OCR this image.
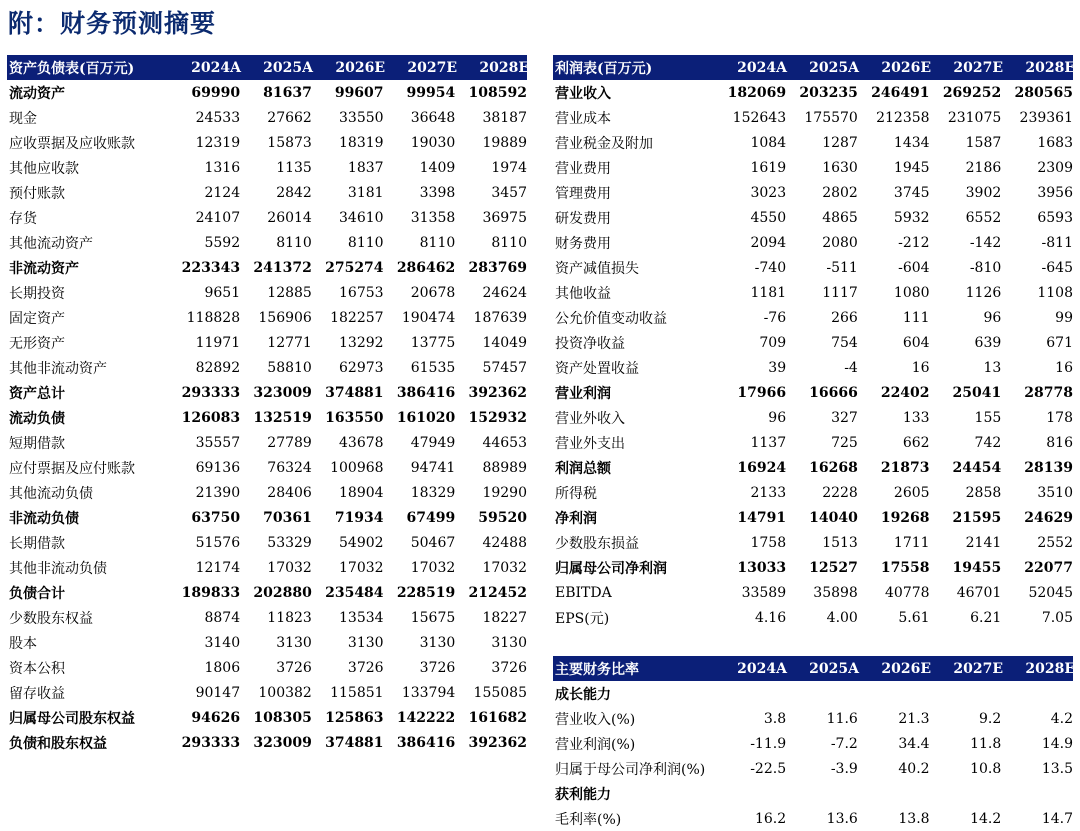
附：财务预测摘要
资产负债表(百万元)	2024A	2025A	2026E	2027E	2028E
流动资产	69990	81637	99607	99954 108592
现金	24533	27662	33550	36648	38187
应收票据及应收账款	12319	15873	18319	19030	19889
其他应收款	1316	1135	1837	1409	1974
预付账款	2124	2842	3181	3398	3457
存货	24107	26014	34610	31358	36975
其他流动资产	5592	8110	8110	8110	8110
非流动资产	223343 241372 275274 286462 283769
长期投资	9651	12885	16753	20678	24624
固定资产	118828	156906	182257	190474	187639
无形资产	11971	12771	13292	13775	14049
其他非流动资产	82892	58810	62973	61535	57457
资产总计	293333 323009 374881 386416 392362
流动负债	126083 132519 163550 161020 152932
短期借款	35557	27789	43678	47949	44653
应付票据及应付账款	69136	76324	100968	94741	88989
其他流动负债	21390	28406	18904	18329	19290
非流动负债	63750	70361	71934	67499	59520
长期借款	51576	53329	54902	50467	42488
其他非流动负债	12174	17032	17032	17032	17032
负债合计	189833 202880 235484 228519 212452
少数股东权益	8874	11823	13534	15675	18227
股本	3140	3130	3130	3130	3130
资本公积	1806	3726	3726	3726	3726
留存收益	90147	100382	115851	133794	155085
归属母公司股东权益	94626 108305 125863 142222 161682
负债和股东权益	293333 323009 374881 386416 392362
利润表(百万元)	2024A	2025A	2026E	2027E	2028E
营业收入	182069 203235 246491 269252 280565
营业成本	152643	175570	212358	231075	239361
营业税金及附加	1084	1287	1434	1587	1683
营业费用	1619	1630	1945	2186	2309
管理费用	3023	2802	3745	3902	3956
研发费用	4550	4865	5932	6552	6593
财务费用	2094	2080	-212	-142	-811
资产减值损失	-740	-511	-604	-810	-645
其他收益	1181	1117	1080	1126	1108
公允价值变动收益	-76	266	111	96	99
投资净收益	709	754	604	639	671
资产处置收益	39	-4	16	13	16
营业利润	17966	16666	22402	25041	28778
营业外收入	96	327	133	155	178
营业外支出	1137	725	662	742	816
利润总额	16924	16268	21873	24454	28139
所得税	2133	2228	2605	2858	3510
净利润	14791	14040	19268	21595	24629
少数股东损益	1758	1513	1711	2141	2552
归属母公司净利润	13033	12527	17558	19455	22077
EBITDA	33589	35898	40778	46701	52045
EPS(元)	4.16	4.00	5.61	6.21	7.05
主要财务比率	2024A	2025A	2026E	2027E	2028E
成长能力
营业收入(%)	3.8	11.6	21.3	9.2	4.2
营业利润(%)	-11.9	-7.2	34.4	11.8	14.9
归属于母公司净利润(%)	-22.5	-3.9	40.2	10.8	13.5
获利能力
毛利率(%)	16.2	13.6	13.8	14.2	14.7
